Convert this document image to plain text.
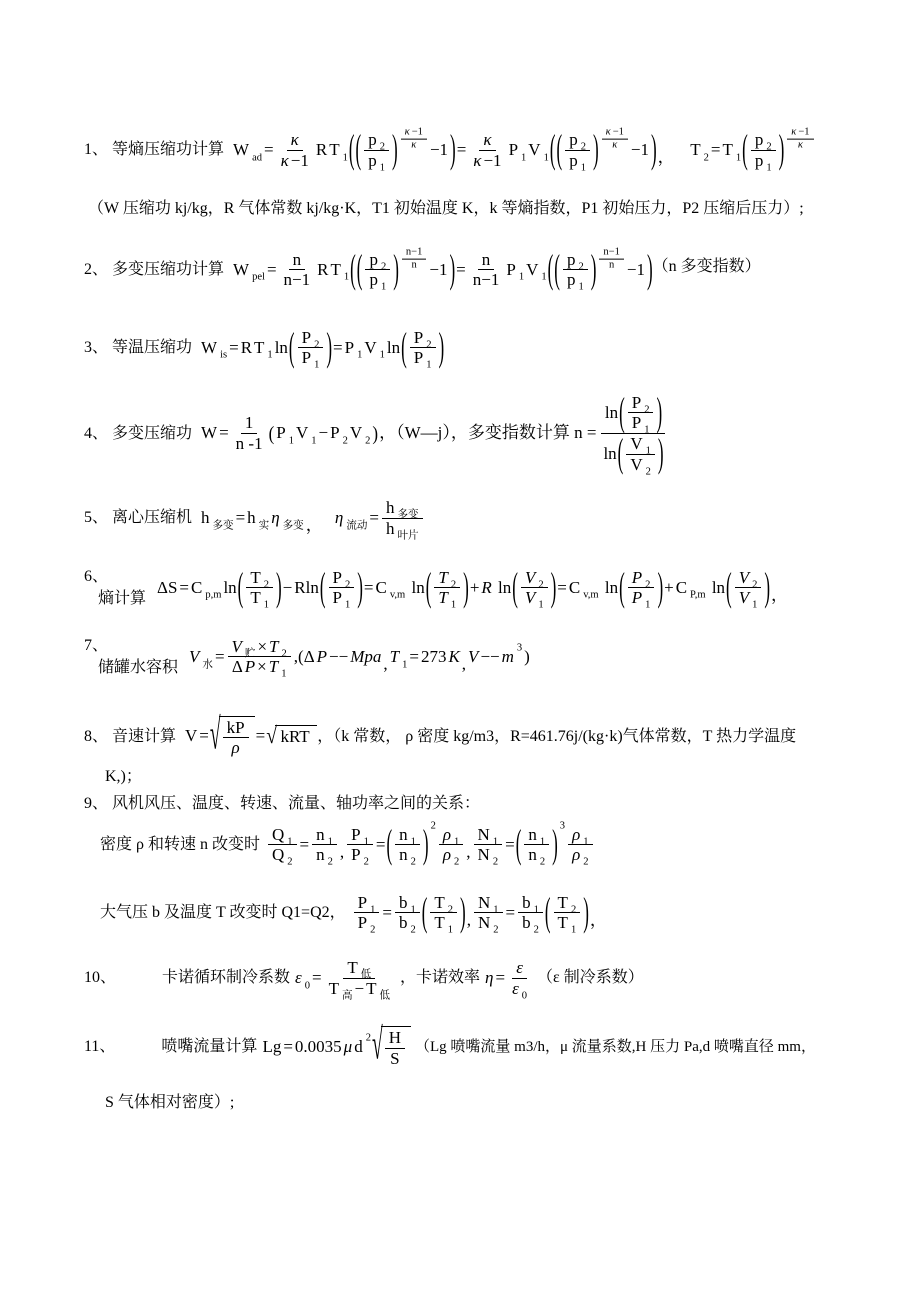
1、 等熵压缩功计算 W ad = $\frac{\kappa}{\kappa -1}$ R T 1 ( ( p 2
p 1 ) $\frac{\kappa -1}{\kappa} -1$ ) = $\frac{\kappa}{\kappa -1}$ P 1 V 1 ( ( p 2
p 1 ) $\frac{\kappa -1}{\kappa} -1$ ) ， T 2 = T 1 ( p 2
p 1 ) $\frac{\kappa -1}{\kappa}$
（W 压缩功 kj/kg，R 气体常数 kj/kg·K，T1 初始温度 K，k 等熵指数，P1 初始压力，P2 压缩后压力）;
2、 多变压缩功计算 W pel = $\frac{n}{n-1}$ R T 1 ( ( p 2
p 1 ) $\frac{n-1}{n} -1$ ) = $\frac{n}{n-1}$ P 1 V 1 ( ( p 2
p 1 ) $\frac{n-1}{n} -1$ ) （n 多变指数）
3、 等温压缩功 W is = R T 1 ln ( P 2
P 1 ) = P 1 V 1 ln ( P 2
P 1 )
4、 多变压缩功 $W = \frac{1}{n -1}$ ( P 1 V 1 − P 2 V 2 ) ，（W—j），多变指数计算 n = ln ( P 2
P 1 )
ln ( V 1
V 2 )
5、 离心压缩机 h 多变 = h 实 η 多变 ， η 流动 =
h 多变
h 叶片
6、
熵计算
ΔS = C p,m ln ( T 2
T 1 ) − Rln ( P 2
P 1 ) = C v,m ln ( T 2
T 1 ) + R ln ( V 2
V 1 ) = C v,m ln ( P 2
P 1 ) + C P,m ln ( V 2
V 1 ) ，
7、
储罐水容积
V 水 =
V 贮 × T 2
Δ P × T 1
,(Δ P −− Mpa , T 1 = 273 K , V −− m 3 )
8、 音速计算 V = √ kP
ρ
= √ kRT ，（k 常数， ρ 密度 kg/m3，R=461.76j/(kg·k)气体常数，T 热力学温度
K,)；
9、 风机风压、温度、转速、流量、轴功率之间的关系：
密度 ρ 和转速 n 改变时 $\frac{Q 1}{Q 2} = \frac{n 1}{n 2}$ , $\frac{P 1}{P 2}$ = ( n 1
n 2 ) 2 ρ 1
ρ 2
, $\frac{N 1}{N 2}$ = ( n 1
n 2 ) 3 ρ 1
ρ 2
大气压 b 及温度 T 改变时 Q1=Q2， $\frac{P 1}{P 2} = \frac{b 1}{b 2}$ ( T 2
T 1 ) , $\frac{N 1}{N 2} = \frac{b 1}{b 2}$ ( T 2
T 1 ) ，
10、	卡诺循环制冷系数 ε 0 =
T 低
T 高 − T 低
，卡诺效率 $\eta = \frac{\varepsilon}{\varepsilon 0} (\varepsilon$ 制冷系数）
11、	喷嘴流量计算 Lg = 0.0035 μ d 2 √ H
S
（Lg 喷嘴流量 m3/h，μ 流量系数,H 压力 Pa,d 喷嘴直径 mm，
S 气体相对密度）;
